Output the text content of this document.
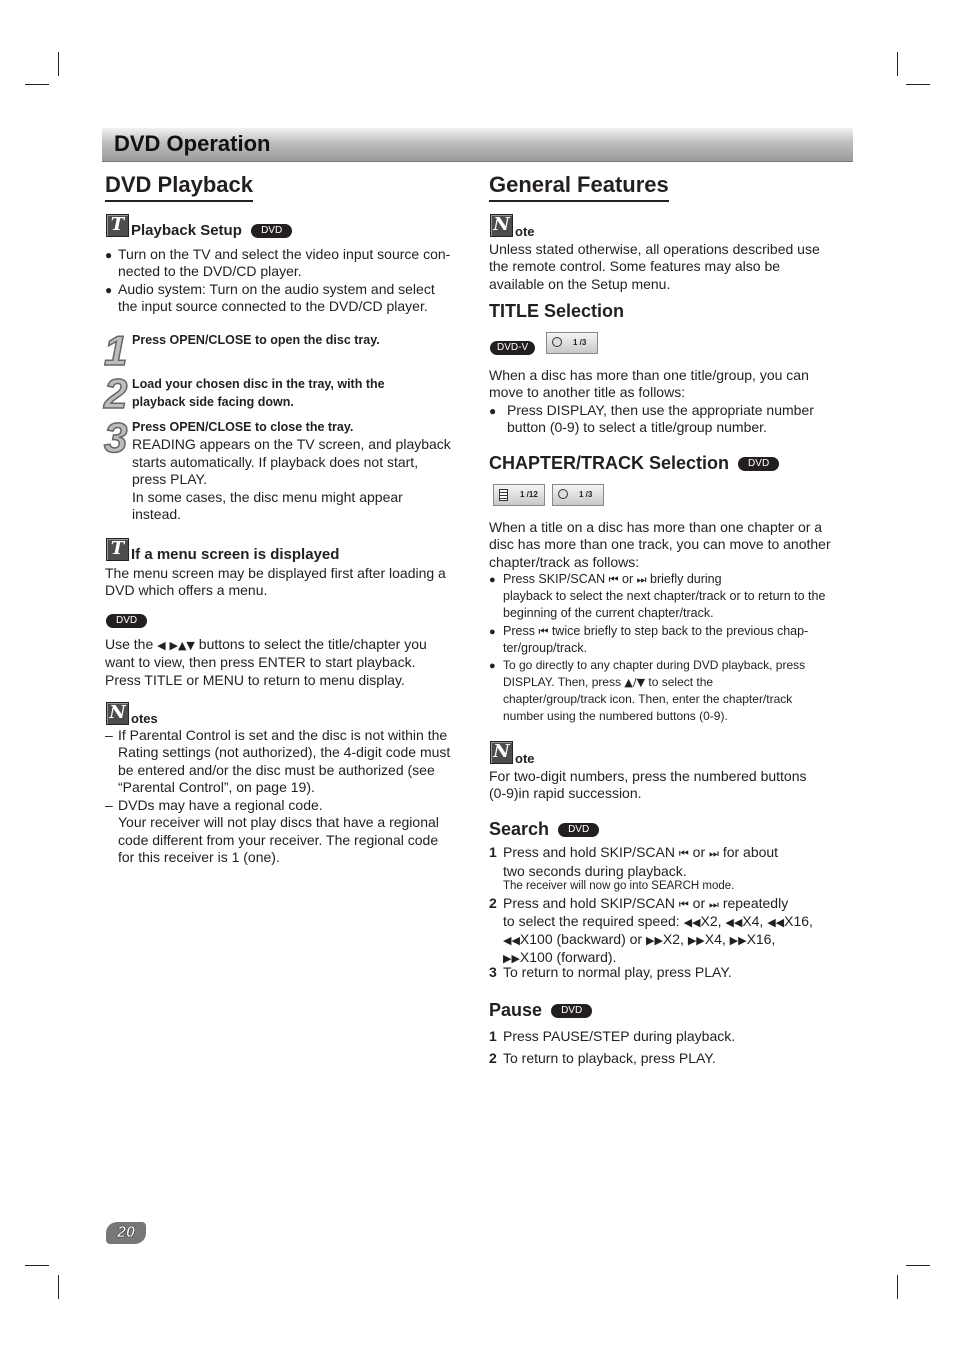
DVD Operation
DVD Playback
T Playback Setup DVD
● Turn on the TV and select the video input source con-
nected to the DVD/CD player.
● Audio system: Turn on the audio system and select
the input source connected to the DVD/CD player.
1 Press OPEN/CLOSE to open the disc tray.
2 Load your chosen disc in the tray, with the
playback side facing down.
3 Press OPEN/CLOSE to close the tray.
READING appears on the TV screen, and playback
starts automatically. If playback does not start,
press PLAY.
In some cases, the disc menu might appear
instead.
T If a menu screen is displayed
The menu screen may be displayed first after loading a
DVD which offers a menu.
DVD
Use the ◀ ▶▲▼ buttons to select the title/chapter you
want to view, then press ENTER to start playback.
Press TITLE or MENU to return to menu display.
N otes
– If Parental Control is set and the disc is not within the
Rating settings (not authorized), the 4-digit code must
be entered and/or the disc must be authorized (see
“Parental Control”, on page 19).
– DVDs may have a regional code.
Your receiver will not play discs that have a regional
code different from your receiver. The regional code
for this receiver is 1 (one).
General Features
N ote
Unless stated otherwise, all operations described use
the remote control. Some features may also be
available on the Setup menu.
TITLE Selection
DVD-V	1 /3
When a disc has more than one title/group, you can
move to another title as follows:
● Press DISPLAY, then use the appropriate number
button (0-9) to select a title/group number.
CHAPTER/TRACK Selection DVD
1 /12	1 /3
When a title on a disc has more than one chapter or a
disc has more than one track, you can move to another
chapter/track as follows:
● Press SKIP/SCAN ⏮ or ⏭ briefly during
playback to select the next chapter/track or to return to the
beginning of the current chapter/track.
● Press ⏮ twice briefly to step back to the previous chap-
ter/group/track.
● To go directly to any chapter during DVD playback, press
DISPLAY. Then, press ▲/▼ to select the
chapter/group/track icon. Then, enter the chapter/track
number using the numbered buttons (0-9).
N ote
For two-digit numbers, press the numbered buttons
(0-9)in rapid succession.
Search DVD
1 Press and hold SKIP/SCAN ⏮ or ⏭ for about
two seconds during playback.
The receiver will now go into SEARCH mode.
2 Press and hold SKIP/SCAN ⏮ or ⏭ repeatedly
to select the required speed: ◀◀X2, ◀◀X4, ◀◀X16,
◀◀X100 (backward) or ▶▶X2, ▶▶X4, ▶▶X16,
▶▶X100 (forward).
3 To return to normal play, press PLAY.
Pause DVD
1 Press PAUSE/STEP during playback.
2 To return to playback, press PLAY.
20
